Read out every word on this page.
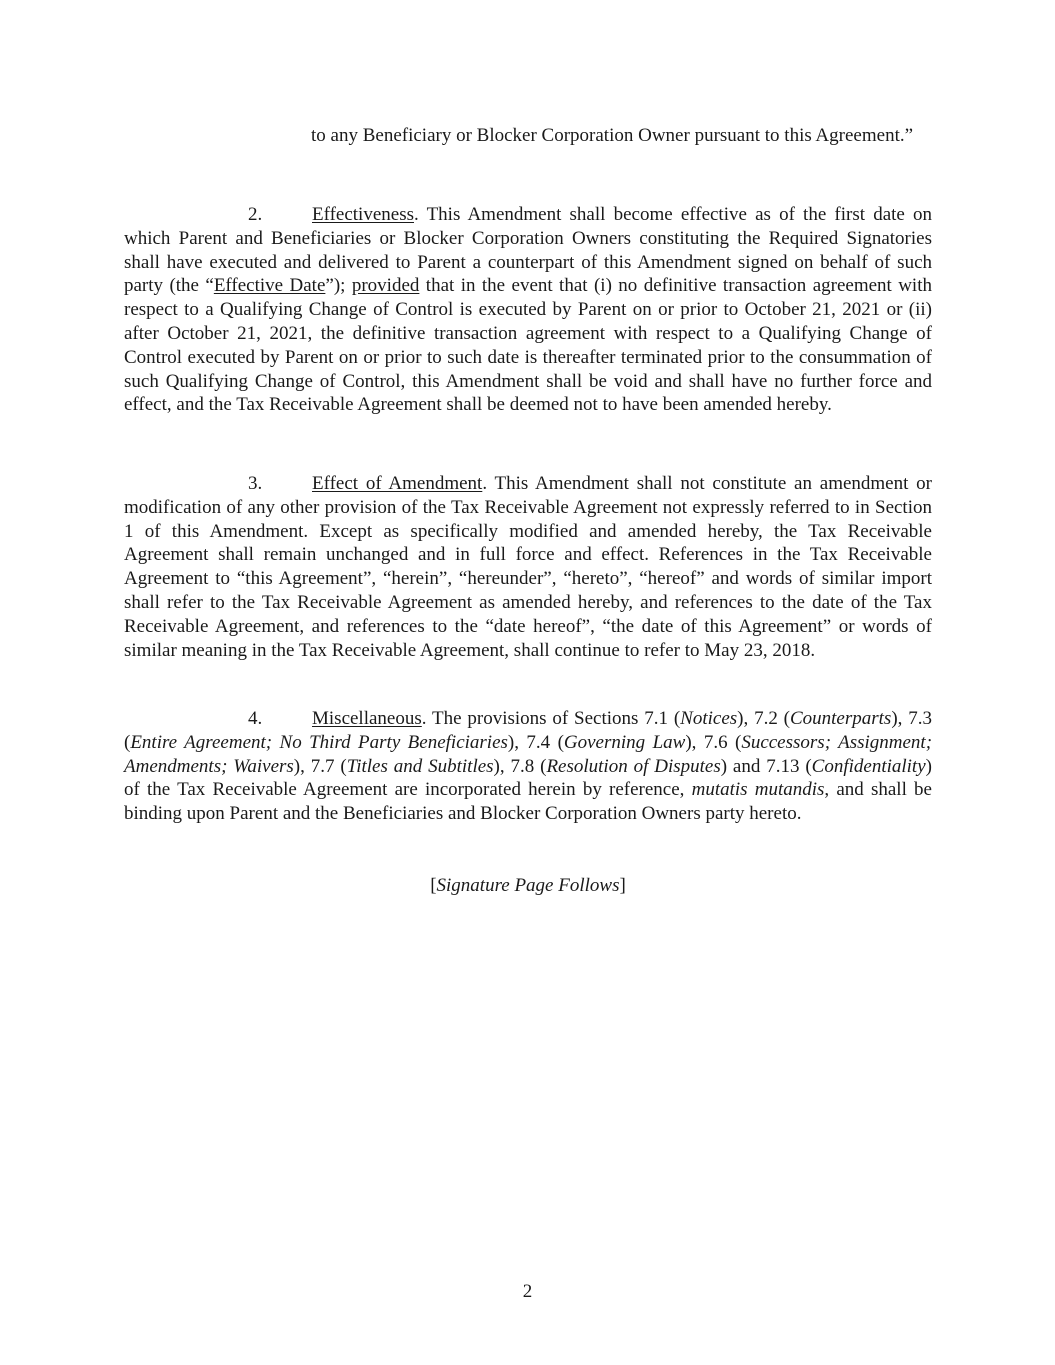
to any Beneficiary or Blocker Corporation Owner pursuant to this Agreement.”
2.	Effectiveness. This Amendment shall become effective as of the first date on which Parent and Beneficiaries or Blocker Corporation Owners constituting the Required Signatories shall have executed and delivered to Parent a counterpart of this Amendment signed on behalf of such party (the “Effective Date”); provided that in the event that (i) no definitive transaction agreement with respect to a Qualifying Change of Control is executed by Parent on or prior to October 21, 2021 or (ii) after October 21, 2021, the definitive transaction agreement with respect to a Qualifying Change of Control executed by Parent on or prior to such date is thereafter terminated prior to the consummation of such Qualifying Change of Control, this Amendment shall be void and shall have no further force and effect, and the Tax Receivable Agreement shall be deemed not to have been amended hereby.
3.	Effect of Amendment. This Amendment shall not constitute an amendment or modification of any other provision of the Tax Receivable Agreement not expressly referred to in Section 1 of this Amendment. Except as specifically modified and amended hereby, the Tax Receivable Agreement shall remain unchanged and in full force and effect. References in the Tax Receivable Agreement to “this Agreement”, “herein”, “hereunder”, “hereto”, “hereof” and words of similar import shall refer to the Tax Receivable Agreement as amended hereby, and references to the date of the Tax Receivable Agreement, and references to the “date hereof”, “the date of this Agreement” or words of similar meaning in the Tax Receivable Agreement, shall continue to refer to May 23, 2018.
4.	Miscellaneous. The provisions of Sections 7.1 (Notices), 7.2 (Counterparts), 7.3 (Entire Agreement; No Third Party Beneficiaries), 7.4 (Governing Law), 7.6 (Successors; Assignment; Amendments; Waivers), 7.7 (Titles and Subtitles), 7.8 (Resolution of Disputes) and 7.13 (Confidentiality) of the Tax Receivable Agreement are incorporated herein by reference, mutatis mutandis, and shall be binding upon Parent and the Beneficiaries and Blocker Corporation Owners party hereto.
[Signature Page Follows]
2
